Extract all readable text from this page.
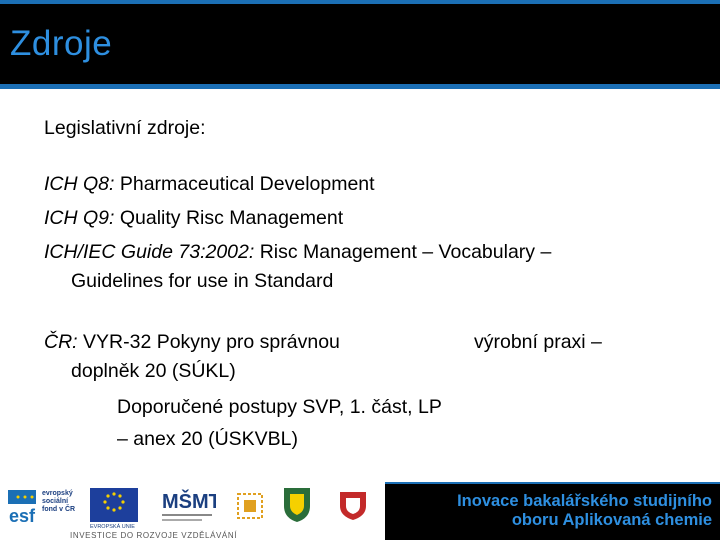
Zdroje
Legislativní zdroje:
ICH Q8: Pharmaceutical Development
ICH Q9: Quality Risc Management
ICH/IEC Guide 73:2002: Risc Management – Vocabulary –
Guidelines for use in Standard
ČR: VYR-32 Pokyny pro správnou	výrobní praxi –
doplněk 20 (SÚKL)
Doporučené postupy SVP, 1. část, LP
– anex 20 (ÚSKVBL)
esf
evropský
sociální
fond v ČR
EVROPSKÁ UNIE
MŠMT
INVESTICE DO ROZVOJE VZDĚLÁVÁNÍ
Inovace bakalářského studijního
oboru Aplikovaná chemie
